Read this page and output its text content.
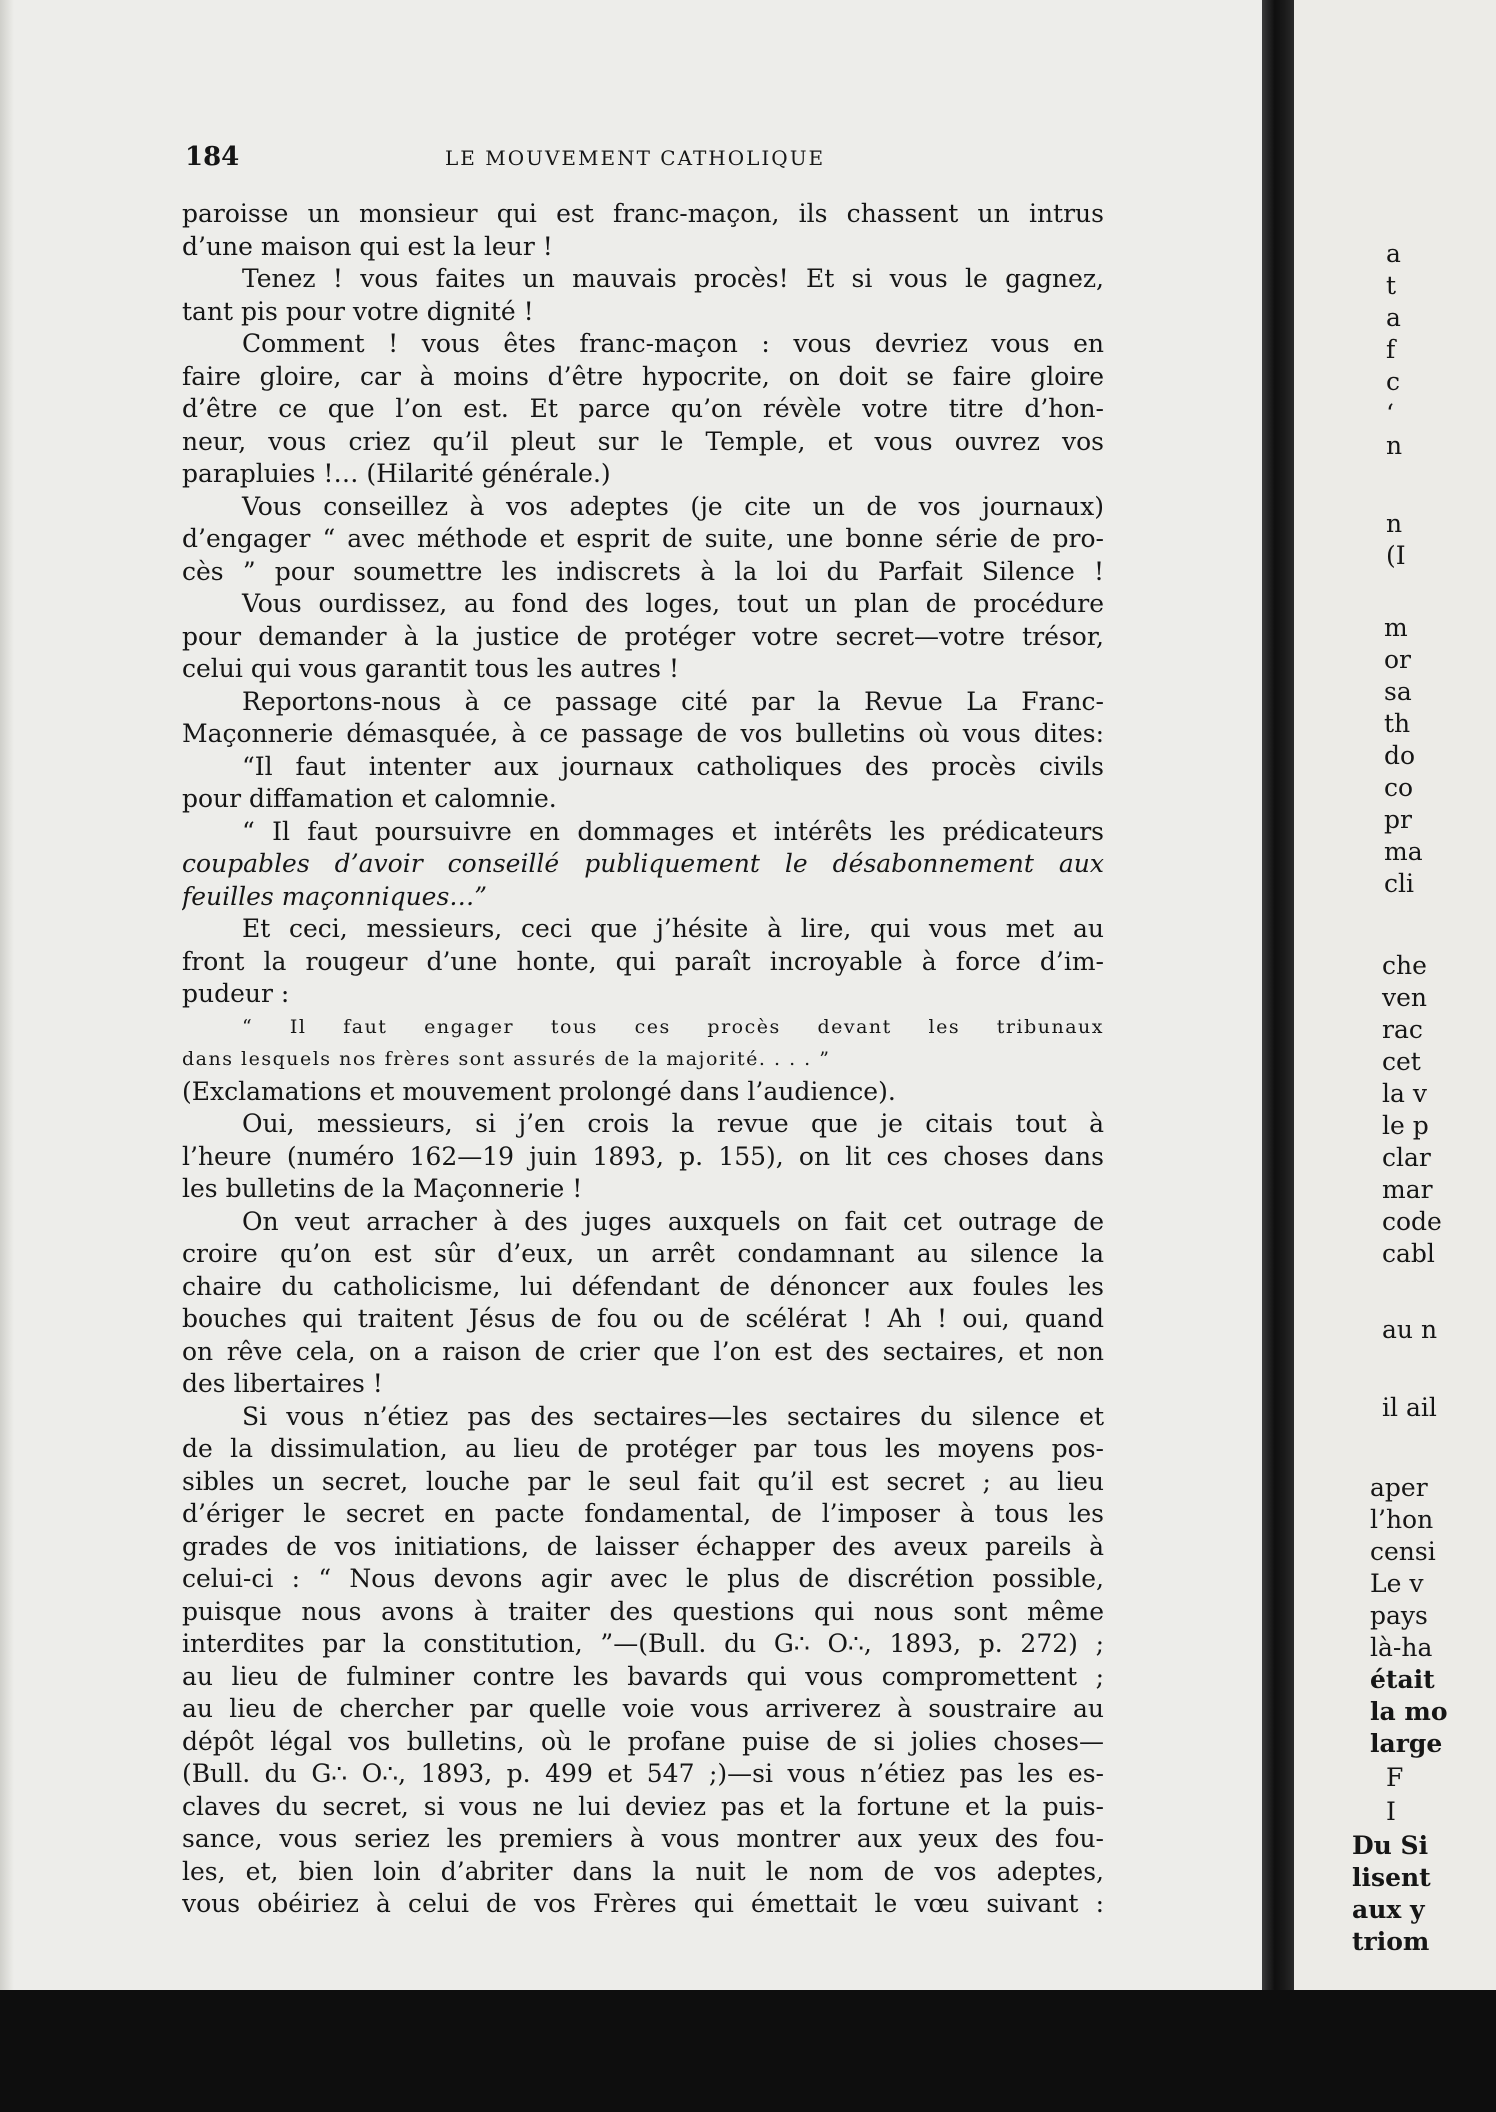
a
t
a
f
c
‘
n
n
(I
m
or
sa
th
do
co
pr
ma
cli
che
ven
rac
cet
la v
le p
clar
mar
code
cabl
au n
il ail
aper
l’hon
censi
Le v
pays
là-ha
était
la mo
large
F
I
Du Si
lisent
aux y
triom
184	LE MOUVEMENT CATHOLIQUE
paroisse un monsieur qui est franc-maçon, ils chassent un intrus
d’une maison qui est la leur !
Tenez ! vous faites un mauvais procès! Et si vous le gagnez,
tant pis pour votre dignité !
Comment ! vous êtes franc-maçon : vous devriez vous en
faire gloire, car à moins d’être hypocrite, on doit se faire gloire
d’être ce que l’on est. Et parce qu’on révèle votre titre d’hon-
neur, vous criez qu’il pleut sur le Temple, et vous ouvrez vos
parapluies !… (Hilarité générale.)
Vous conseillez à vos adeptes (je cite un de vos journaux)
d’engager “ avec méthode et esprit de suite, une bonne série de pro-
cès ” pour soumettre les indiscrets à la loi du Parfait Silence !
Vous ourdissez, au fond des loges, tout un plan de procédure
pour demander à la justice de protéger votre secret—votre trésor,
celui qui vous garantit tous les autres !
Reportons-nous à ce passage cité par la Revue La Franc-
Maçonnerie démasquée, à ce passage de vos bulletins où vous dites:
“Il faut intenter aux journaux catholiques des procès civils
pour diffamation et calomnie.
“ Il faut poursuivre en dommages et intérêts les prédicateurs
coupables d’avoir conseillé publiquement le désabonnement aux
feuilles maçonniques…”
Et ceci, messieurs, ceci que j’hésite à lire, qui vous met au
front la rougeur d’une honte, qui paraît incroyable à force d’im-
pudeur :
“ Il faut engager tous ces procès devant les tribunaux
dans lesquels nos frères sont assurés de la majorité. . . . ”
(Exclamations et mouvement prolongé dans l’audience).
Oui, messieurs, si j’en crois la revue que je citais tout à
l’heure (numéro 162—19 juin 1893, p. 155), on lit ces choses dans
les bulletins de la Maçonnerie !
On veut arracher à des juges auxquels on fait cet outrage de
croire qu’on est sûr d’eux, un arrêt condamnant au silence la
chaire du catholicisme, lui défendant de dénoncer aux foules les
bouches qui traitent Jésus de fou ou de scélérat ! Ah ! oui, quand
on rêve cela, on a raison de crier que l’on est des sectaires, et non
des libertaires !
Si vous n’étiez pas des sectaires—les sectaires du silence et
de la dissimulation, au lieu de protéger par tous les moyens pos-
sibles un secret, louche par le seul fait qu’il est secret ; au lieu
d’ériger le secret en pacte fondamental, de l’imposer à tous les
grades de vos initiations, de laisser échapper des aveux pareils à
celui-ci : “ Nous devons agir avec le plus de discrétion possible,
puisque nous avons à traiter des questions qui nous sont même
interdites par la constitution, ”—(Bull. du G∴ O∴, 1893, p. 272) ;
au lieu de fulminer contre les bavards qui vous compromettent ;
au lieu de chercher par quelle voie vous arriverez à soustraire au
dépôt légal vos bulletins, où le profane puise de si jolies choses—
(Bull. du G∴ O∴, 1893, p. 499 et 547 ;)—si vous n’étiez pas les es-
claves du secret, si vous ne lui deviez pas et la fortune et la puis-
sance, vous seriez les premiers à vous montrer aux yeux des fou-
les, et, bien loin d’abriter dans la nuit le nom de vos adeptes,
vous obéiriez à celui de vos Frères qui émettait le vœu suivant :
